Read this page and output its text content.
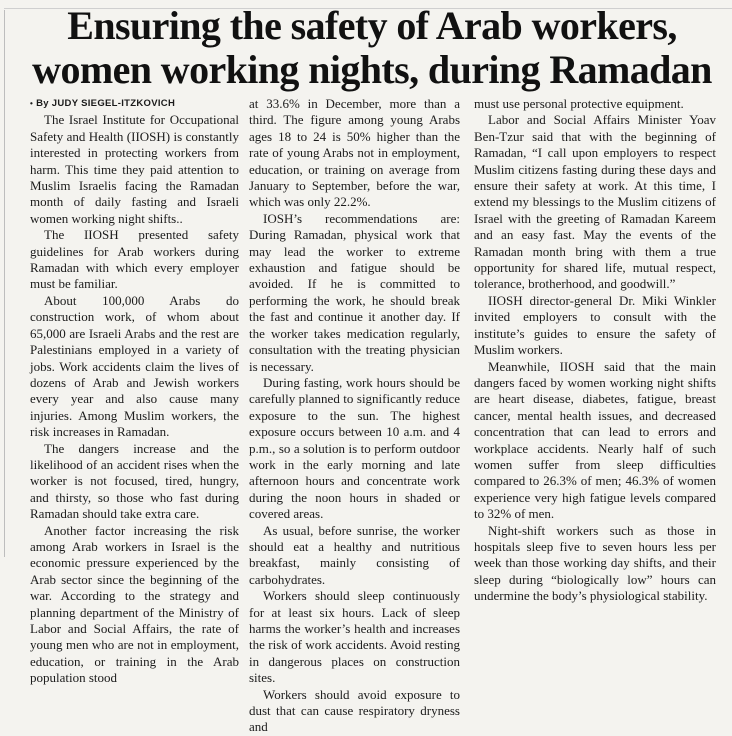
Ensuring the safety of Arab workers,
women working nights, during Ramadan

• By JUDY SIEGEL-ITZKOVICH

The Israel Institute for Occupational Safety and Health (IIOSH) is constantly interested in protecting workers from harm. This time they paid attention to Muslim Israelis facing the Ramadan month of daily fasting and Israeli women working night shifts..

The IIOSH presented safety guidelines for Arab workers during Ramadan with which every employer must be familiar.

About 100,000 Arabs do construction work, of whom about 65,000 are Israeli Arabs and the rest are Palestinians employed in a variety of jobs. Work accidents claim the lives of dozens of Arab and Jewish workers every year and also cause many injuries. Among Muslim workers, the risk increases in Ramadan.

The dangers increase and the likelihood of an accident rises when the worker is not focused, tired, hungry, and thirsty, so those who fast during Ramadan should take extra care.

Another factor increasing the risk among Arab workers in Israel is the economic pressure experienced by the Arab sector since the beginning of the war. According to the strategy and planning department of the Ministry of Labor and Social Affairs, the rate of young men who are not in employment, education, or training in the Arab population stood

at 33.6% in December, more than a third. The figure among young Arabs ages 18 to 24 is 50% higher than the rate of young Arabs not in employment, education, or training on average from January to September, before the war, which was only 22.2%.

IOSH’s recommendations are: During Ramadan, physical work that may lead the worker to extreme exhaustion and fatigue should be avoided. If he is committed to performing the work, he should break the fast and continue it another day. If the worker takes medication regularly, consultation with the treating physician is necessary.

During fasting, work hours should be carefully planned to significantly reduce exposure to the sun. The highest exposure occurs between 10 a.m. and 4 p.m., so a solution is to perform outdoor work in the early morning and late afternoon hours and concentrate work during the noon hours in shaded or covered areas.

As usual, before sunrise, the worker should eat a healthy and nutritious breakfast, mainly consisting of carbohydrates.

Workers should sleep continuously for at least six hours. Lack of sleep harms the worker’s health and increases the risk of work accidents. Avoid resting in dangerous places on construction sites.

Workers should avoid exposure to dust that can cause respiratory dryness and

must use personal protective equipment.

Labor and Social Affairs Minister Yoav Ben-Tzur said that with the beginning of Ramadan, “I call upon employers to respect Muslim citizens fasting during these days and ensure their safety at work. At this time, I extend my blessings to the Muslim citizens of Israel with the greeting of Ramadan Kareem and an easy fast. May the events of the Ramadan month bring with them a true opportunity for shared life, mutual respect, tolerance, brotherhood, and goodwill.”

IIOSH director-general Dr. Miki Winkler invited employers to consult with the institute’s guides to ensure the safety of Muslim workers.

Meanwhile, IIOSH said that the main dangers faced by women working night shifts are heart disease, diabetes, fatigue, breast cancer, mental health issues, and decreased concentration that can lead to errors and workplace accidents. Nearly half of such women suffer from sleep difficulties compared to 26.3% of men; 46.3% of women experience very high fatigue levels compared to 32% of men.

Night-shift workers such as those in hospitals sleep five to seven hours less per week than those working day shifts, and their sleep during “biologically low” hours can undermine the body’s physiological stability.
